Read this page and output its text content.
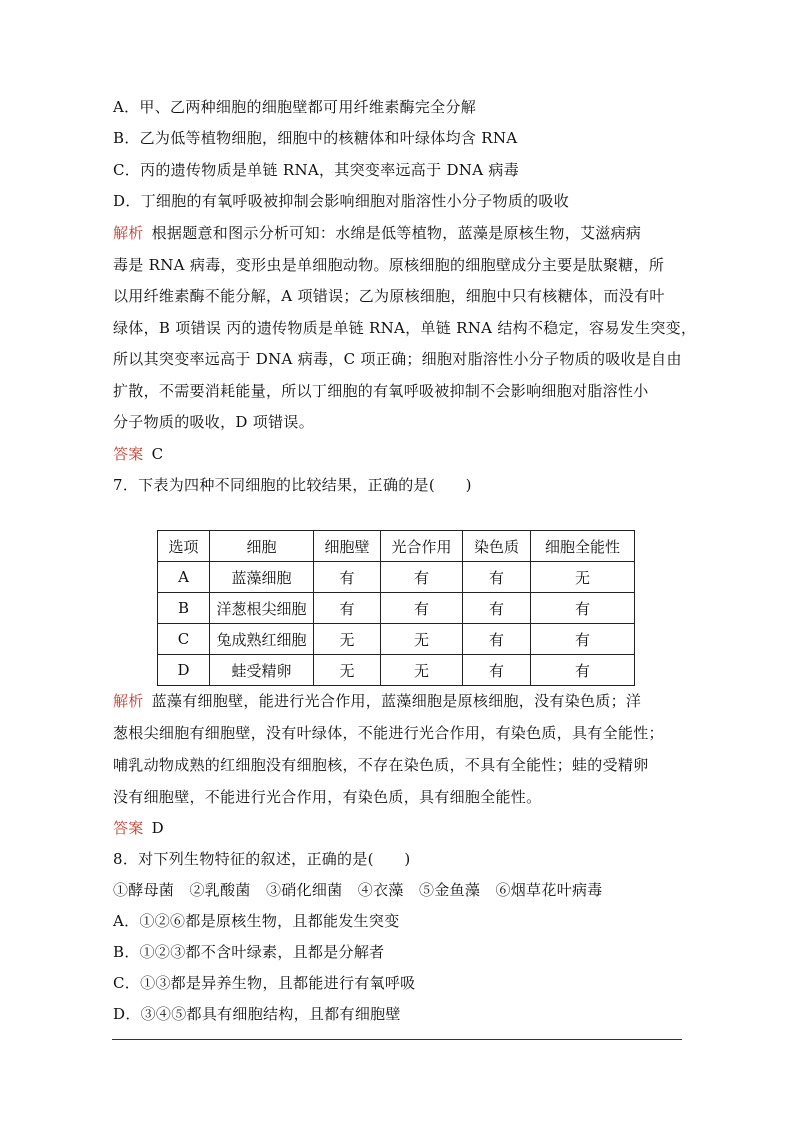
A．甲、乙两种细胞的细胞壁都可用纤维素酶完全分解
B．乙为低等植物细胞，细胞中的核糖体和叶绿体均含 RNA
C．丙的遗传物质是单链 RNA，其突变率远高于 DNA 病毒
D．丁细胞的有氧呼吸被抑制会影响细胞对脂溶性小分子物质的吸收
解析 根据题意和图示分析可知：水绵是低等植物，蓝藻是原核生物，艾滋病病
毒是 RNA 病毒，变形虫是单细胞动物。原核细胞的细胞壁成分主要是肽聚糖，所
以用纤维素酶不能分解，A 项错误；乙为原核细胞，细胞中只有核糖体，而没有叶
绿体，B 项错误 丙的遗传物质是单链 RNA，单链 RNA 结构不稳定，容易发生突变，
所以其突变率远高于 DNA 病毒，C 项正确；细胞对脂溶性小分子物质的吸收是自由
扩散，不需要消耗能量，所以丁细胞的有氧呼吸被抑制不会影响细胞对脂溶性小
分子物质的吸收，D 项错误。
答案 C
7．下表为四种不同细胞的比较结果，正确的是(　　)
选项	细胞	细胞壁	光合作用	染色质	细胞全能性
A	蓝藻细胞	有	有	有	无
B	洋葱根尖细胞	有	有	有	有
C	兔成熟红细胞	无	无	有	有
D	蛙受精卵	无	无	有	有
解析 蓝藻有细胞壁，能进行光合作用，蓝藻细胞是原核细胞，没有染色质；洋
葱根尖细胞有细胞壁，没有叶绿体，不能进行光合作用，有染色质，具有全能性；
哺乳动物成熟的红细胞没有细胞核，不存在染色质，不具有全能性；蛙的受精卵
没有细胞壁，不能进行光合作用，有染色质，具有细胞全能性。
答案 D
8．对下列生物特征的叙述，正确的是(　　)
①酵母菌　②乳酸菌　③硝化细菌　④衣藻　⑤金鱼藻　⑥烟草花叶病毒
A．①②⑥都是原核生物，且都能发生突变
B．①②③都不含叶绿素，且都是分解者
C．①③都是异养生物，且都能进行有氧呼吸
D．③④⑤都具有细胞结构，且都有细胞壁
